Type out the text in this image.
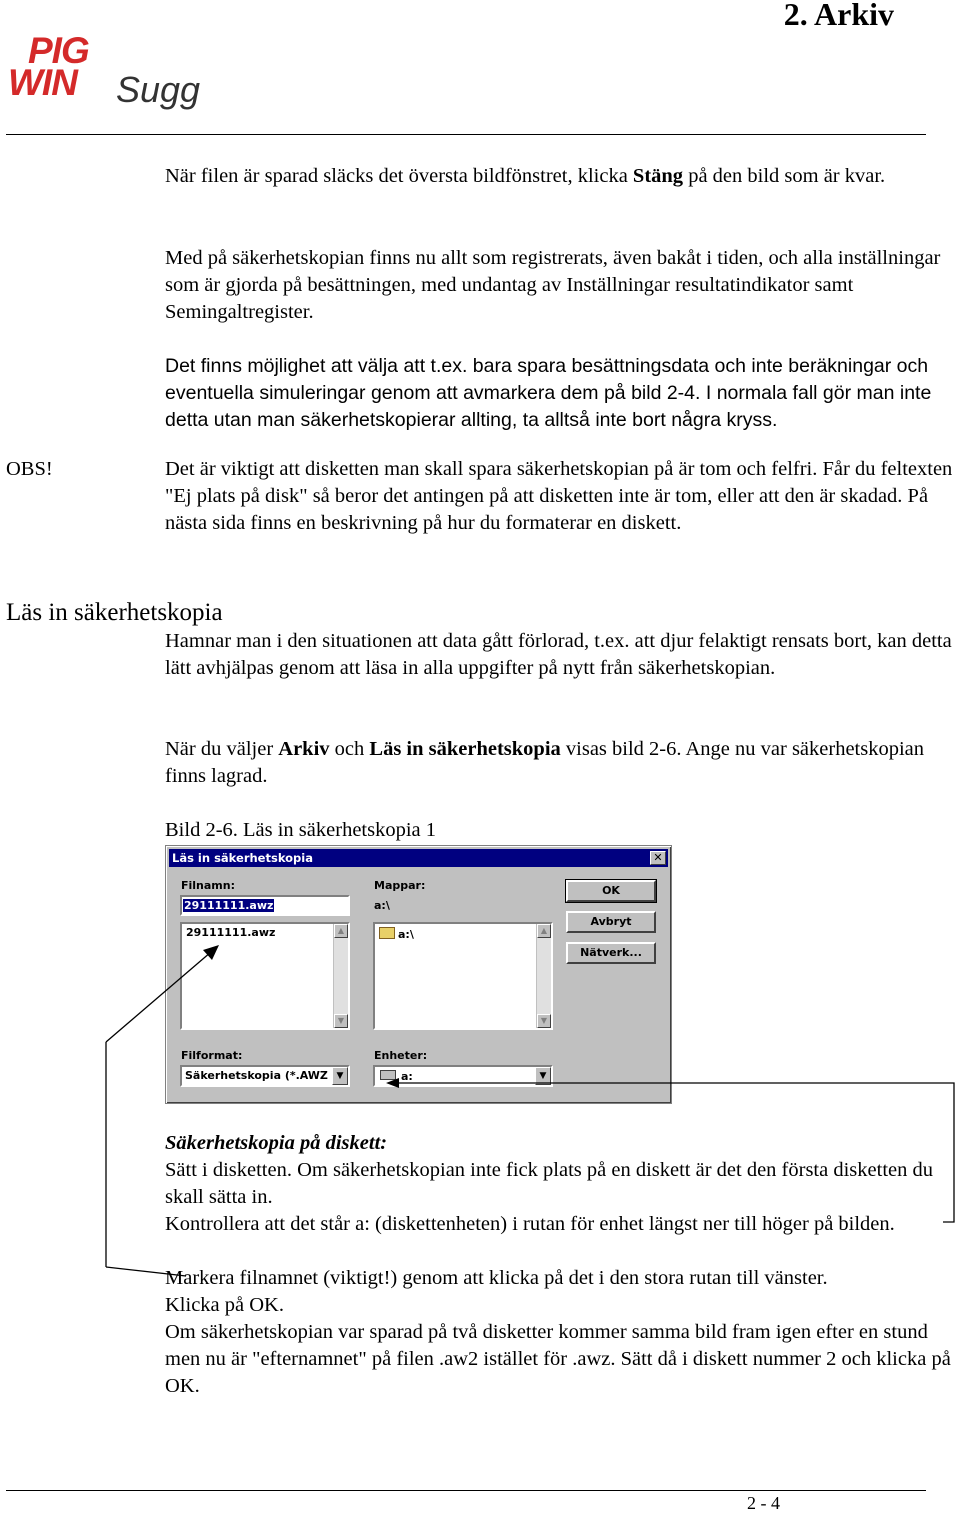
2. Arkiv
PIG
WIN Sugg

När filen är sparad släcks det översta bildfönstret, klicka Stäng på den bild som är kvar.

Med på säkerhetskopian finns nu allt som registrerats, även bakåt i tiden, och alla inställningar som är gjorda på besättningen, med undantag av Inställningar resultatindikator samt Semingaltregister.

Det finns möjlighet att välja att t.ex. bara spara besättningsdata och inte beräkningar och eventuella simuleringar genom att avmarkera dem på bild 2-4. I normala fall gör man inte detta utan man säkerhetskopierar allting, ta alltså inte bort några kryss.

OBS!	Det är viktigt att disketten man skall spara säkerhetskopian på är tom och felfri. Får du feltexten "Ej plats på disk" så beror det antingen på att disketten inte är tom, eller att den är skadad. På nästa sida finns en beskrivning på hur du formaterar en diskett.

Läs in säkerhetskopia

Hamnar man i den situationen att data gått förlorad, t.ex. att djur felaktigt rensats bort, kan detta lätt avhjälpas genom att läsa in alla uppgifter på nytt från säkerhetskopian.

När du väljer Arkiv och Läs in säkerhetskopia visas bild 2-6. Ange nu var säkerhetskopian finns lagrad.

Bild 2-6. Läs in säkerhetskopia 1

Läs in säkerhetskopia	✕
Filnamn:
29111111.awz
29111111.awz	▲
▼
Mappar:
a:\
a:\	▲
▼
OK
Avbryt
Nätverk...
Filformat:
Säkerhetskopia (*.AWZ ▼
Enheter:
a:	▼

Säkerhetskopia på diskett:

Sätt i disketten. Om säkerhetskopian inte fick plats på en diskett är det den första disketten du skall sätta in.

Kontrollera att det står a: (diskettenheten) i rutan för enhet längst ner till höger på bilden.

Markera filnamnet (viktigt!) genom att klicka på det i den stora rutan till vänster.

Klicka på OK.

Om säkerhetskopian var sparad på två disketter kommer samma bild fram igen efter en stund men nu är "efternamnet" på filen .aw2 istället för .awz. Sätt då i diskett nummer 2 och klicka på OK.

2 - 4
